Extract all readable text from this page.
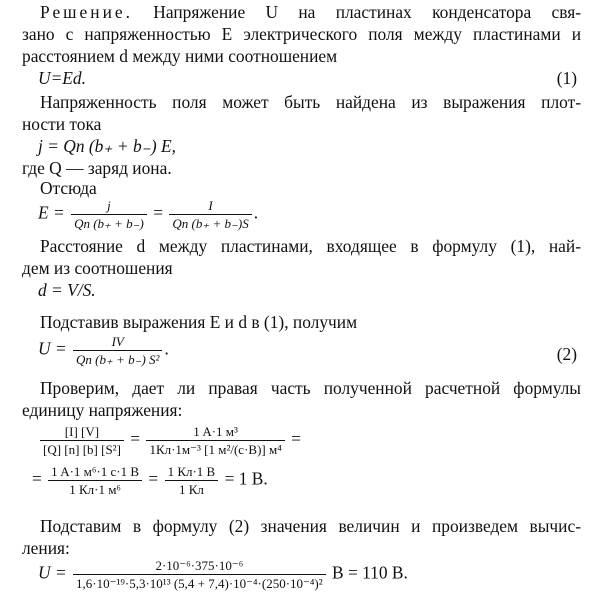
Решение. Напряжение U на пластинах конденсатора свя-

зано с напряженностью E электрического поля между пластинами и

расстоянием d между ними соотношением

U=Ed.	(1)

Напряженность поля может быть найдена из выражения плот-

ности тока

j = Qn (b₊ + b₋) E,

где Q — заряд иона.

Отсюда

$E = \frac{j}{Qn (b_+ + b_-)} = \frac{I}{Qn (b_+ + b_-)S}$ .

Расстояние d между пластинами, входящее в формулу (1), най-

дем из соотношения

d = V/S.

Подставив выражения E и d в (1), получим

$U = \frac{IV}{\text{Qn (b₊ + b₋) S²}}$ .	(2)

Проверим, дает ли правая часть полученной расчетной формулы

единицу напряжения:

$\frac{[I] [V]}{\text{[Q] [n] [b] [S²]}} = \frac{\text{1 A·1 м³}}{\text{1Кл·1м⁻³ [1 м²/(с·В)] м⁴}}$ =
= $\frac{\text{1 A·1 м⁶·1 с·1 В}}{\text{1 Кл·1 м⁶}} = \frac{1 Кл\cdot 1 В}{1 Кл} = 1$ В.

Подставим в формулу (2) значения величин и произведем вычис-

ления:

$U = \frac{\text{2·10⁻⁶·375·10⁻⁶}}{\text{1,6·10⁻¹⁹·5,3·10¹³ (5,4 + 7,4)·10⁻⁴·(250·10⁻⁴)²}}$ В = 110 В.
